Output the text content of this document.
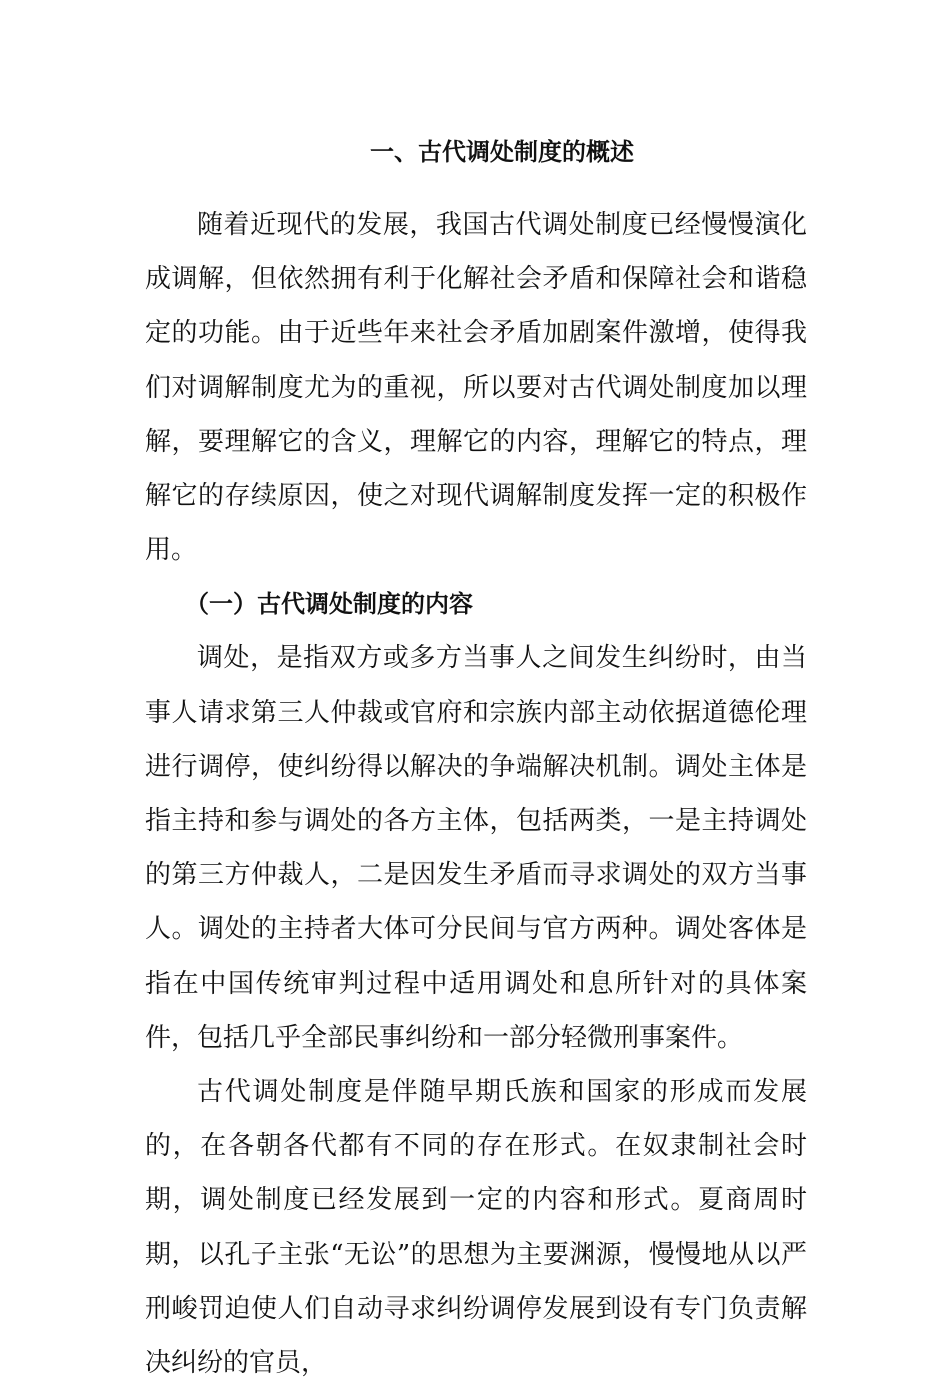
一、古代调处制度的概述

随着近现代的发展，我国古代调处制度已经慢慢演化成调解，但依然拥有利于化解社会矛盾和保障社会和谐稳定的功能。由于近些年来社会矛盾加剧案件激增，使得我们对调解制度尤为的重视，所以要对古代调处制度加以理解，要理解它的含义，理解它的内容，理解它的特点，理解它的存续原因，使之对现代调解制度发挥一定的积极作用。

（一）古代调处制度的内容

调处，是指双方或多方当事人之间发生纠纷时，由当事人请求第三人仲裁或官府和宗族内部主动依据道德伦理进行调停，使纠纷得以解决的争端解决机制。调处主体是指主持和参与调处的各方主体，包括两类，一是主持调处的第三方仲裁人，二是因发生矛盾而寻求调处的双方当事人。调处的主持者大体可分民间与官方两种。调处客体是指在中国传统审判过程中适用调处和息所针对的具体案件，包括几乎全部民事纠纷和一部分轻微刑事案件。

古代调处制度是伴随早期氏族和国家的形成而发展的，在各朝各代都有不同的存在形式。在奴隶制社会时期，调处制度已经发展到一定的内容和形式。夏商周时期，以孔子主张“无讼”的思想为主要渊源，慢慢地从以严刑峻罚迫使人们自动寻求纠纷调停发展到设有专门负责解决纠纷的官员，
